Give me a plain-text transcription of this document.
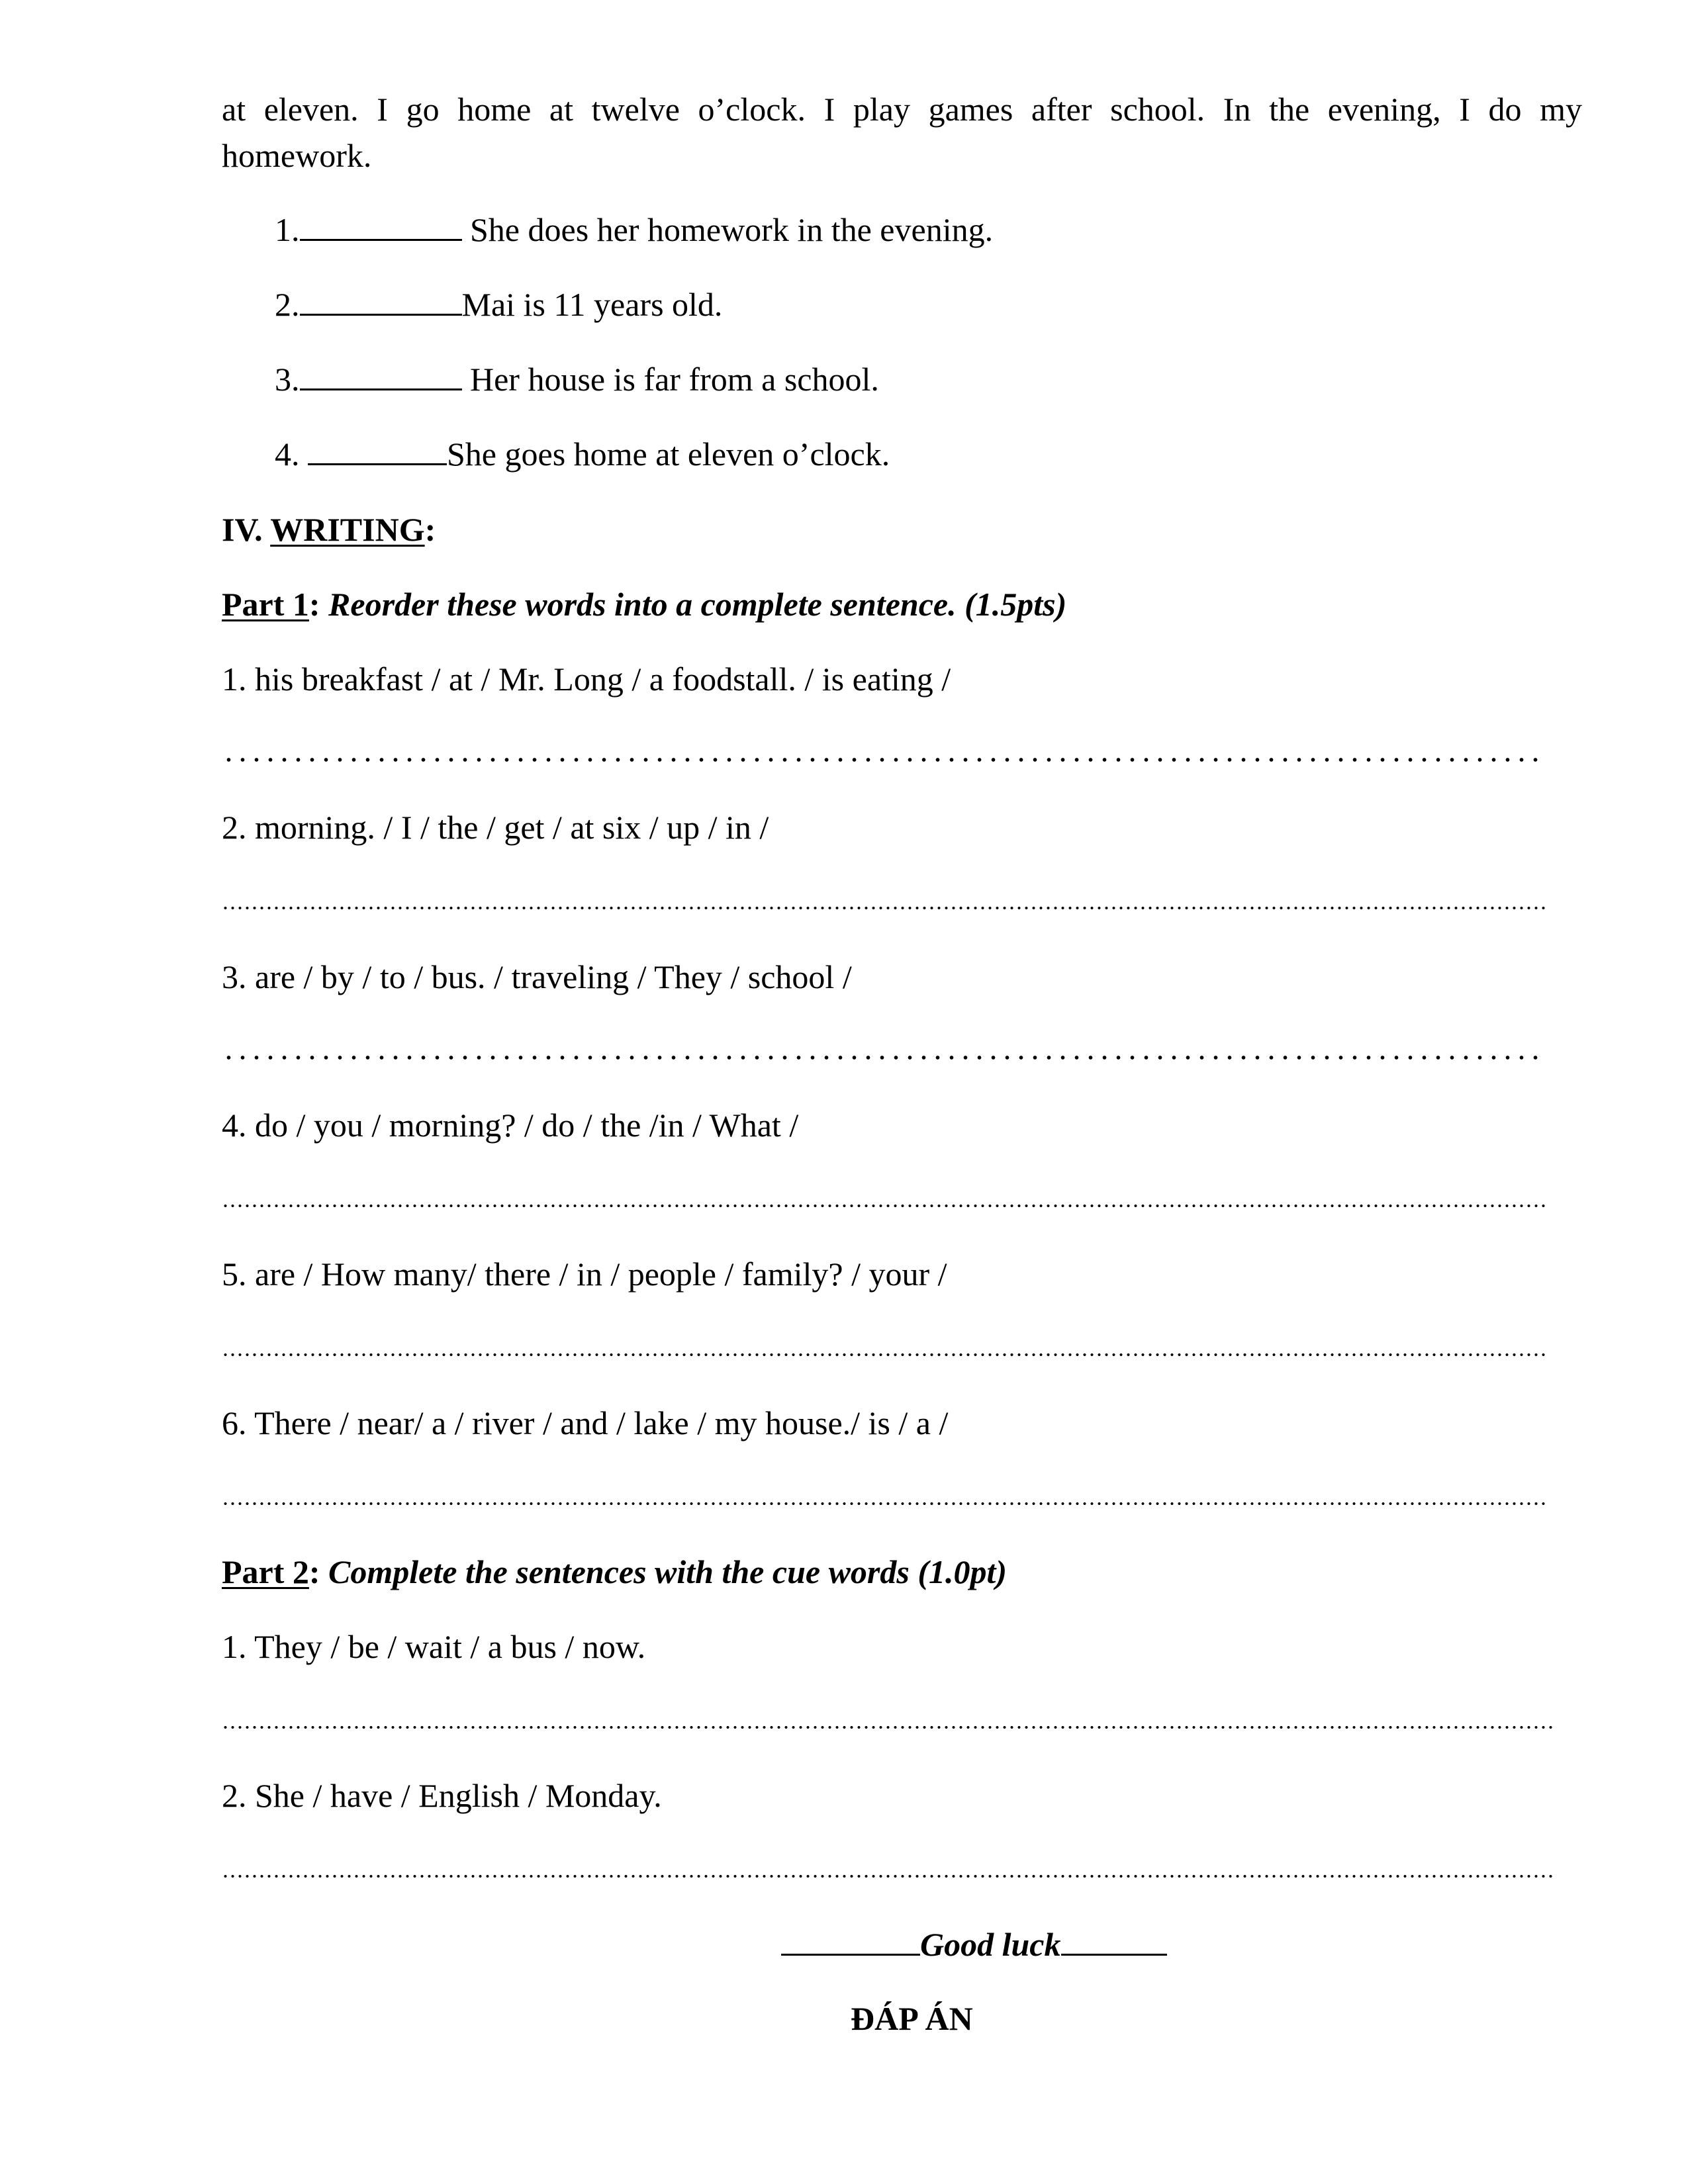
at eleven. I go home at twelve o’clock. I play games after school. In the evening, I do my
homework.
1.	She does her homework in the evening.
2.	Mai is 11 years old.
3.	Her house is far from a school.
4.	She goes home at eleven o’clock.
IV. WRITING:
Part 1: Reorder these words into a complete sentence. (1.5pts)
1. his breakfast / at / Mr. Long / a foodstall. / is eating /
2. morning. / I / the / get / at six / up / in /
3. are / by / to / bus. / traveling / They / school /
4. do / you / morning? / do / the /in / What /
5. are / How many/ there / in / people / family? / your /
6. There / near/ a / river / and / lake / my house./ is / a /
Part 2: Complete the sentences with the cue words (1.0pt)
1. They / be / wait / a bus / now.
2. She / have / English / Monday.
Good luck
ĐÁP ÁN
